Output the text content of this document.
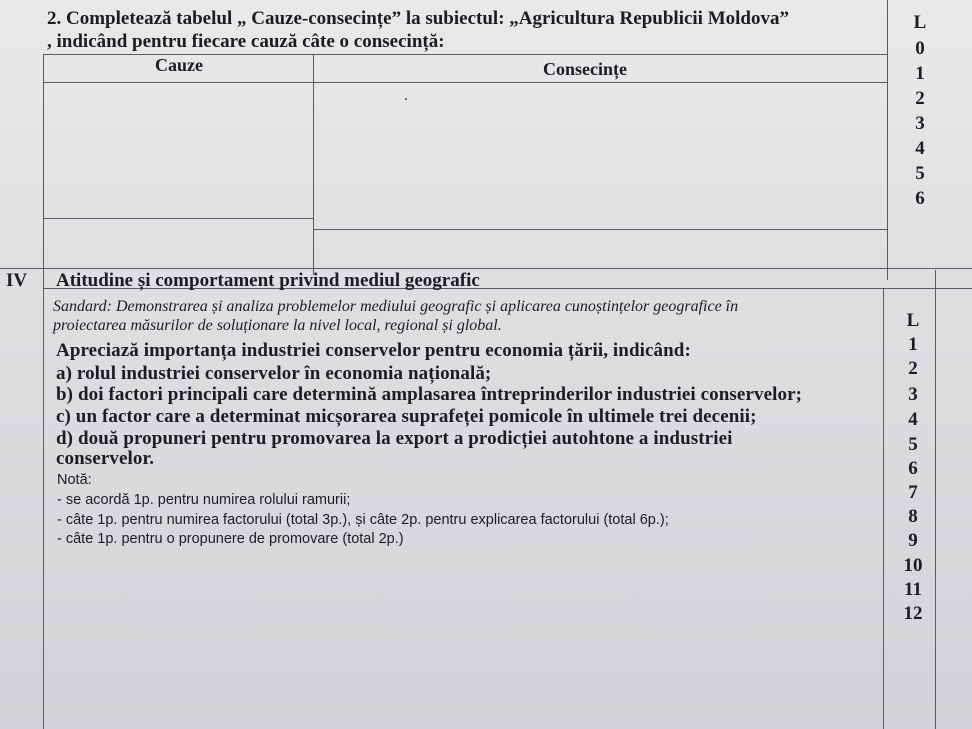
2. Completează tabelul „ Cauze-consecințe” la subiectul: „Agricultura Republicii Moldova”
, indicând pentru fiecare cauză câte o consecință:
Cauze	Consecințe
L
0
1
2
3
4
5
6
IV Atitudine și comportament privind mediul geografic
Sandard: Demonstrarea și analiza problemelor mediului geografic și aplicarea cunoștințelor geografice în
proiectarea măsurilor de soluționare la nivel local, regional și global.
Apreciază importanța industriei conservelor pentru economia țării, indicând:
a) rolul industriei conservelor în economia națională;
b) doi factori principali care determină amplasarea întreprinderilor industriei conservelor;
c) un factor care a determinat micșorarea suprafeței pomicole în ultimele trei decenii;
d) două propuneri pentru promovarea la export a prodicției autohtone a industriei
conservelor.
Notă:
- se acordă 1p. pentru numirea rolului ramurii;
- câte 1p. pentru numirea factorului (total 3p.), și câte 2p. pentru explicarea factorului (total 6p.);
- câte 1p. pentru o propunere de promovare (total 2p.)
L
1
2
3
4
5
6
7
8
9
10
11
12
